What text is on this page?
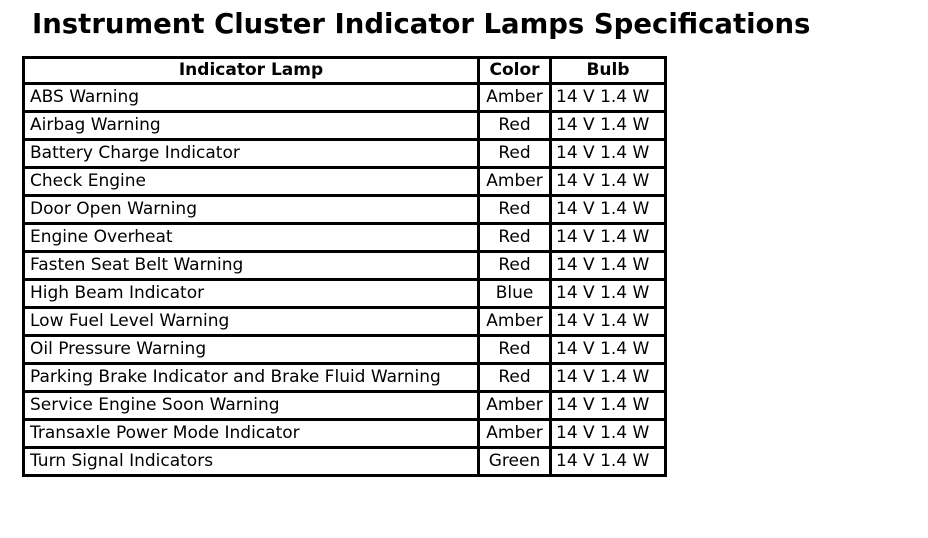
Instrument Cluster Indicator Lamps Specifications
Indicator Lamp	Color	Bulb
ABS Warning	Amber	14 V 1.4 W
Airbag Warning	Red	14 V 1.4 W
Battery Charge Indicator	Red	14 V 1.4 W
Check Engine	Amber	14 V 1.4 W
Door Open Warning	Red	14 V 1.4 W
Engine Overheat	Red	14 V 1.4 W
Fasten Seat Belt Warning	Red	14 V 1.4 W
High Beam Indicator	Blue	14 V 1.4 W
Low Fuel Level Warning	Amber	14 V 1.4 W
Oil Pressure Warning	Red	14 V 1.4 W
Parking Brake Indicator and Brake Fluid Warning	Red	14 V 1.4 W
Service Engine Soon Warning	Amber	14 V 1.4 W
Transaxle Power Mode Indicator	Amber	14 V 1.4 W
Turn Signal Indicators	Green	14 V 1.4 W
